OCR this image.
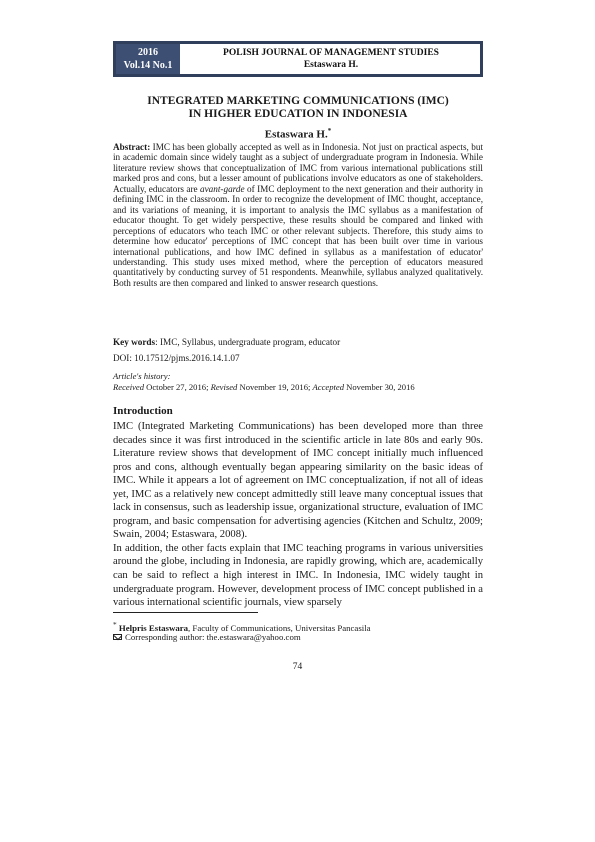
2016
Vol.14 No.1
POLISH JOURNAL OF MANAGEMENT STUDIES
Estaswara H.
INTEGRATED MARKETING COMMUNICATIONS (IMC)
IN HIGHER EDUCATION IN INDONESIA
Estaswara H.*
Abstract: IMC has been globally accepted as well as in Indonesia. Not just on practical aspects, but in academic domain since widely taught as a subject of undergraduate program in Indonesia. While literature review shows that conceptualization of IMC from various international publications still marked pros and cons, but a lesser amount of publications involve educators as one of stakeholders. Actually, educators are avant-garde of IMC deployment to the next generation and their authority in defining IMC in the classroom. In order to recognize the development of IMC thought, acceptance, and its variations of meaning, it is important to analysis the IMC syllabus as a manifestation of educator thought. To get widely perspective, these results should be compared and linked with perceptions of educators who teach IMC or other relevant subjects. Therefore, this study aims to determine how educator' perceptions of IMC concept that has been built over time in various international publications, and how IMC defined in syllabus as a manifestation of educator' understanding. This study uses mixed method, where the perception of educators measured quantitatively by conducting survey of 51 respondents. Meanwhile, syllabus analyzed qualitatively. Both results are then compared and linked to answer research questions.
Key words: IMC, Syllabus, undergraduate program, educator
DOI: 10.17512/pjms.2016.14.1.07
Article's history:
Received October 27, 2016; Revised November 19, 2016; Accepted November 30, 2016
Introduction

IMC (Integrated Marketing Communications) has been developed more than three decades since it was first introduced in the scientific article in late 80s and early 90s. Literature review shows that development of IMC concept initially much influenced pros and cons, although eventually began appearing similarity on the basic ideas of IMC. While it appears a lot of agreement on IMC conceptualization, if not all of ideas yet, IMC as a relatively new concept admittedly still leave many conceptual issues that lack in consensus, such as leadership issue, organizational structure, evaluation of IMC program, and basic compensation for advertising agencies (Kitchen and Schultz, 2009; Swain, 2004; Estaswara, 2008).

In addition, the other facts explain that IMC teaching programs in various universities around the globe, including in Indonesia, are rapidly growing, which are, academically can be said to reflect a high interest in IMC. In Indonesia, IMC widely taught in undergraduate program. However, development process of IMC concept published in a various international scientific journals, view sparsely

* Helpris Estaswara, Faculty of Communications, Universitas Pancasila
Corresponding author: the.estaswara@yahoo.com
74
